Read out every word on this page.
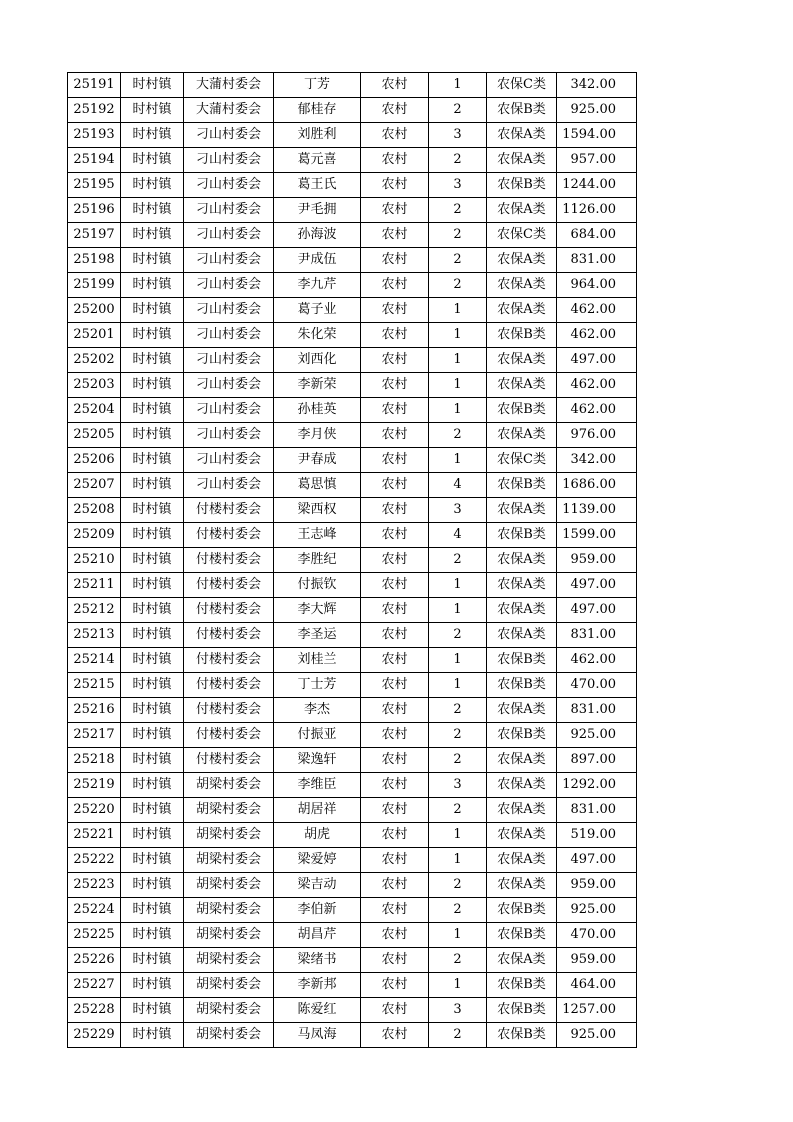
25191	时村镇	大蒲村委会	丁芳	农村	1	农保C类	342.00
25192	时村镇	大蒲村委会	郁桂存	农村	2	农保B类	925.00
25193	时村镇	刁山村委会	刘胜利	农村	3	农保A类	1594.00
25194	时村镇	刁山村委会	葛元喜	农村	2	农保A类	957.00
25195	时村镇	刁山村委会	葛王氏	农村	3	农保B类	1244.00
25196	时村镇	刁山村委会	尹毛拥	农村	2	农保A类	1126.00
25197	时村镇	刁山村委会	孙海波	农村	2	农保C类	684.00
25198	时村镇	刁山村委会	尹成伍	农村	2	农保A类	831.00
25199	时村镇	刁山村委会	李九芹	农村	2	农保A类	964.00
25200	时村镇	刁山村委会	葛子业	农村	1	农保A类	462.00
25201	时村镇	刁山村委会	朱化荣	农村	1	农保B类	462.00
25202	时村镇	刁山村委会	刘西化	农村	1	农保A类	497.00
25203	时村镇	刁山村委会	李新荣	农村	1	农保A类	462.00
25204	时村镇	刁山村委会	孙桂英	农村	1	农保B类	462.00
25205	时村镇	刁山村委会	李月侠	农村	2	农保A类	976.00
25206	时村镇	刁山村委会	尹春成	农村	1	农保C类	342.00
25207	时村镇	刁山村委会	葛思慎	农村	4	农保B类	1686.00
25208	时村镇	付楼村委会	梁西权	农村	3	农保A类	1139.00
25209	时村镇	付楼村委会	王志峰	农村	4	农保B类	1599.00
25210	时村镇	付楼村委会	李胜纪	农村	2	农保A类	959.00
25211	时村镇	付楼村委会	付振钦	农村	1	农保A类	497.00
25212	时村镇	付楼村委会	李大辉	农村	1	农保A类	497.00
25213	时村镇	付楼村委会	李圣运	农村	2	农保A类	831.00
25214	时村镇	付楼村委会	刘桂兰	农村	1	农保B类	462.00
25215	时村镇	付楼村委会	丁士芳	农村	1	农保B类	470.00
25216	时村镇	付楼村委会	李杰	农村	2	农保A类	831.00
25217	时村镇	付楼村委会	付振亚	农村	2	农保B类	925.00
25218	时村镇	付楼村委会	梁逸轩	农村	2	农保A类	897.00
25219	时村镇	胡梁村委会	李维臣	农村	3	农保A类	1292.00
25220	时村镇	胡梁村委会	胡居祥	农村	2	农保A类	831.00
25221	时村镇	胡梁村委会	胡虎	农村	1	农保A类	519.00
25222	时村镇	胡梁村委会	梁爱婷	农村	1	农保A类	497.00
25223	时村镇	胡梁村委会	梁吉动	农村	2	农保A类	959.00
25224	时村镇	胡梁村委会	李伯新	农村	2	农保B类	925.00
25225	时村镇	胡梁村委会	胡昌芹	农村	1	农保B类	470.00
25226	时村镇	胡梁村委会	梁绪书	农村	2	农保A类	959.00
25227	时村镇	胡梁村委会	李新邦	农村	1	农保B类	464.00
25228	时村镇	胡梁村委会	陈爱红	农村	3	农保B类	1257.00
25229	时村镇	胡梁村委会	马凤海	农村	2	农保B类	925.00
